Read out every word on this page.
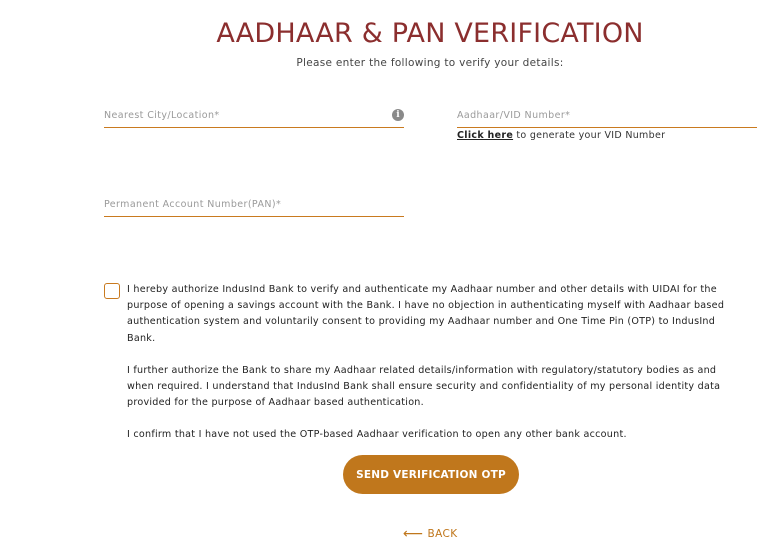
AADHAAR & PAN VERIFICATION
Please enter the following to verify your details:
Nearest City/Location*	i	Aadhaar/VID Number*
Click here to generate your VID Number
Permanent Account Number(PAN)*

I hereby authorize IndusInd Bank to verify and authenticate my Aadhaar number and other details with UIDAI for the purpose of opening a savings account with the Bank. I have no objection in authenticating myself with Aadhaar based authentication system and voluntarily consent to providing my Aadhaar number and One Time Pin (OTP) to IndusInd Bank.

I further authorize the Bank to share my Aadhaar related details/information with regulatory/statutory bodies as and when required. I understand that IndusInd Bank shall ensure security and confidentiality of my personal identity data provided for the purpose of Aadhaar based authentication.

I confirm that I have not used the OTP-based Aadhaar verification to open any other bank account.

SEND VERIFICATION OTP
⟵ BACK
